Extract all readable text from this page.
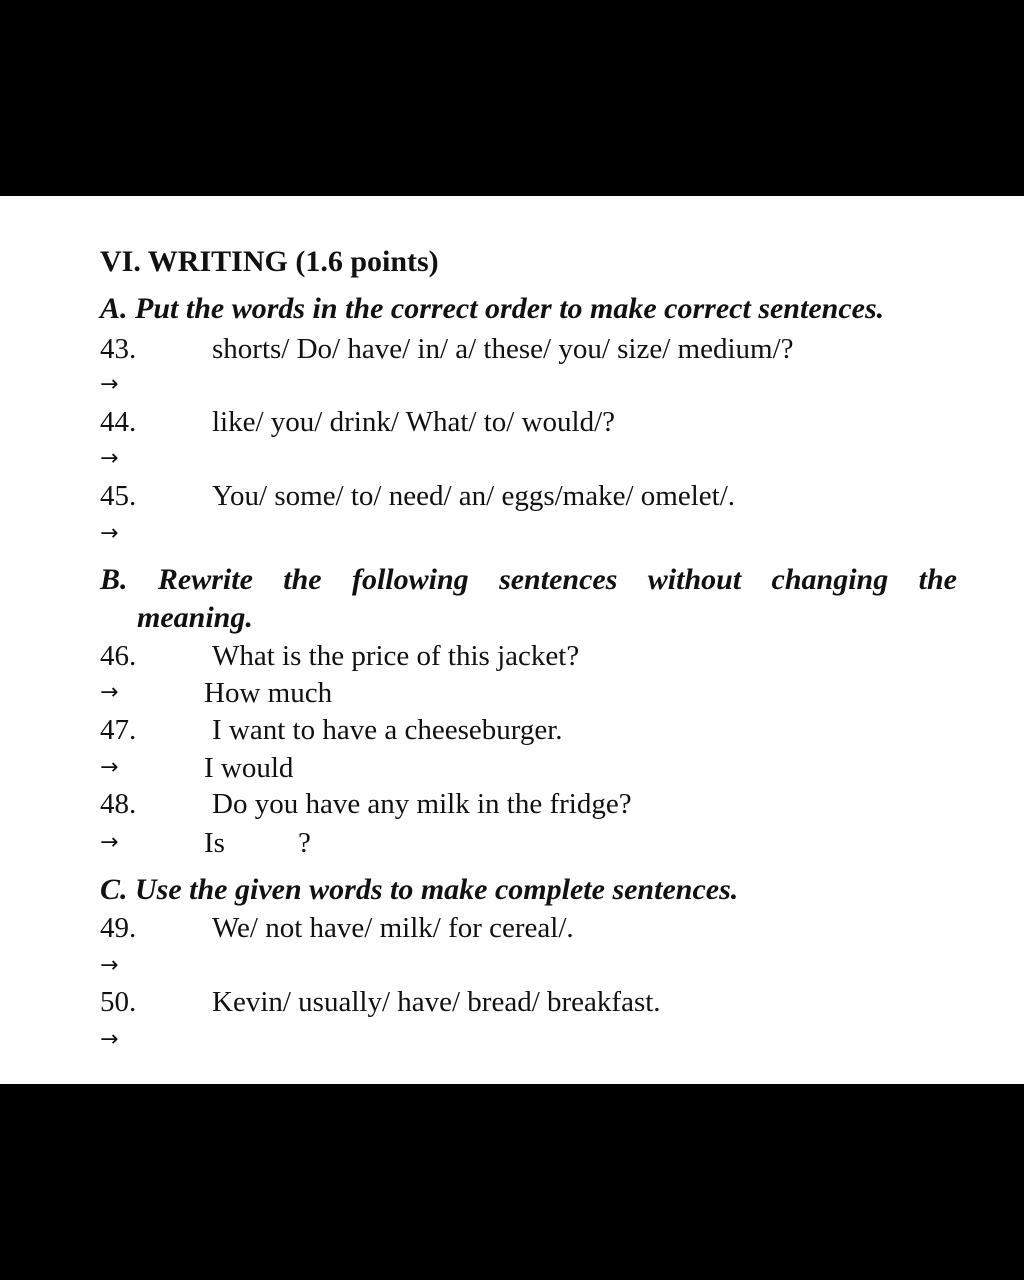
VI. WRITING (1.6 points)
A. Put the words in the correct order to make correct sentences.
43.	shorts/ Do/ have/ in/ a/ these/ you/ size/ medium/?
→
44.	like/ you/ drink/ What/ to/ would/?
→
45.	You/ some/ to/ need/ an/ eggs/make/ omelet/.
→
B. Rewrite the following sentences without changing the
meaning.
46.	What is the price of this jacket?
→	How much
47.	I want to have a cheeseburger.
→	I would
48.	Do you have any milk in the fridge?
→	Is	?
C. Use the given words to make complete sentences.
49.	We/ not have/ milk/ for cereal/.
→
50.	Kevin/ usually/ have/ bread/ breakfast.
→
